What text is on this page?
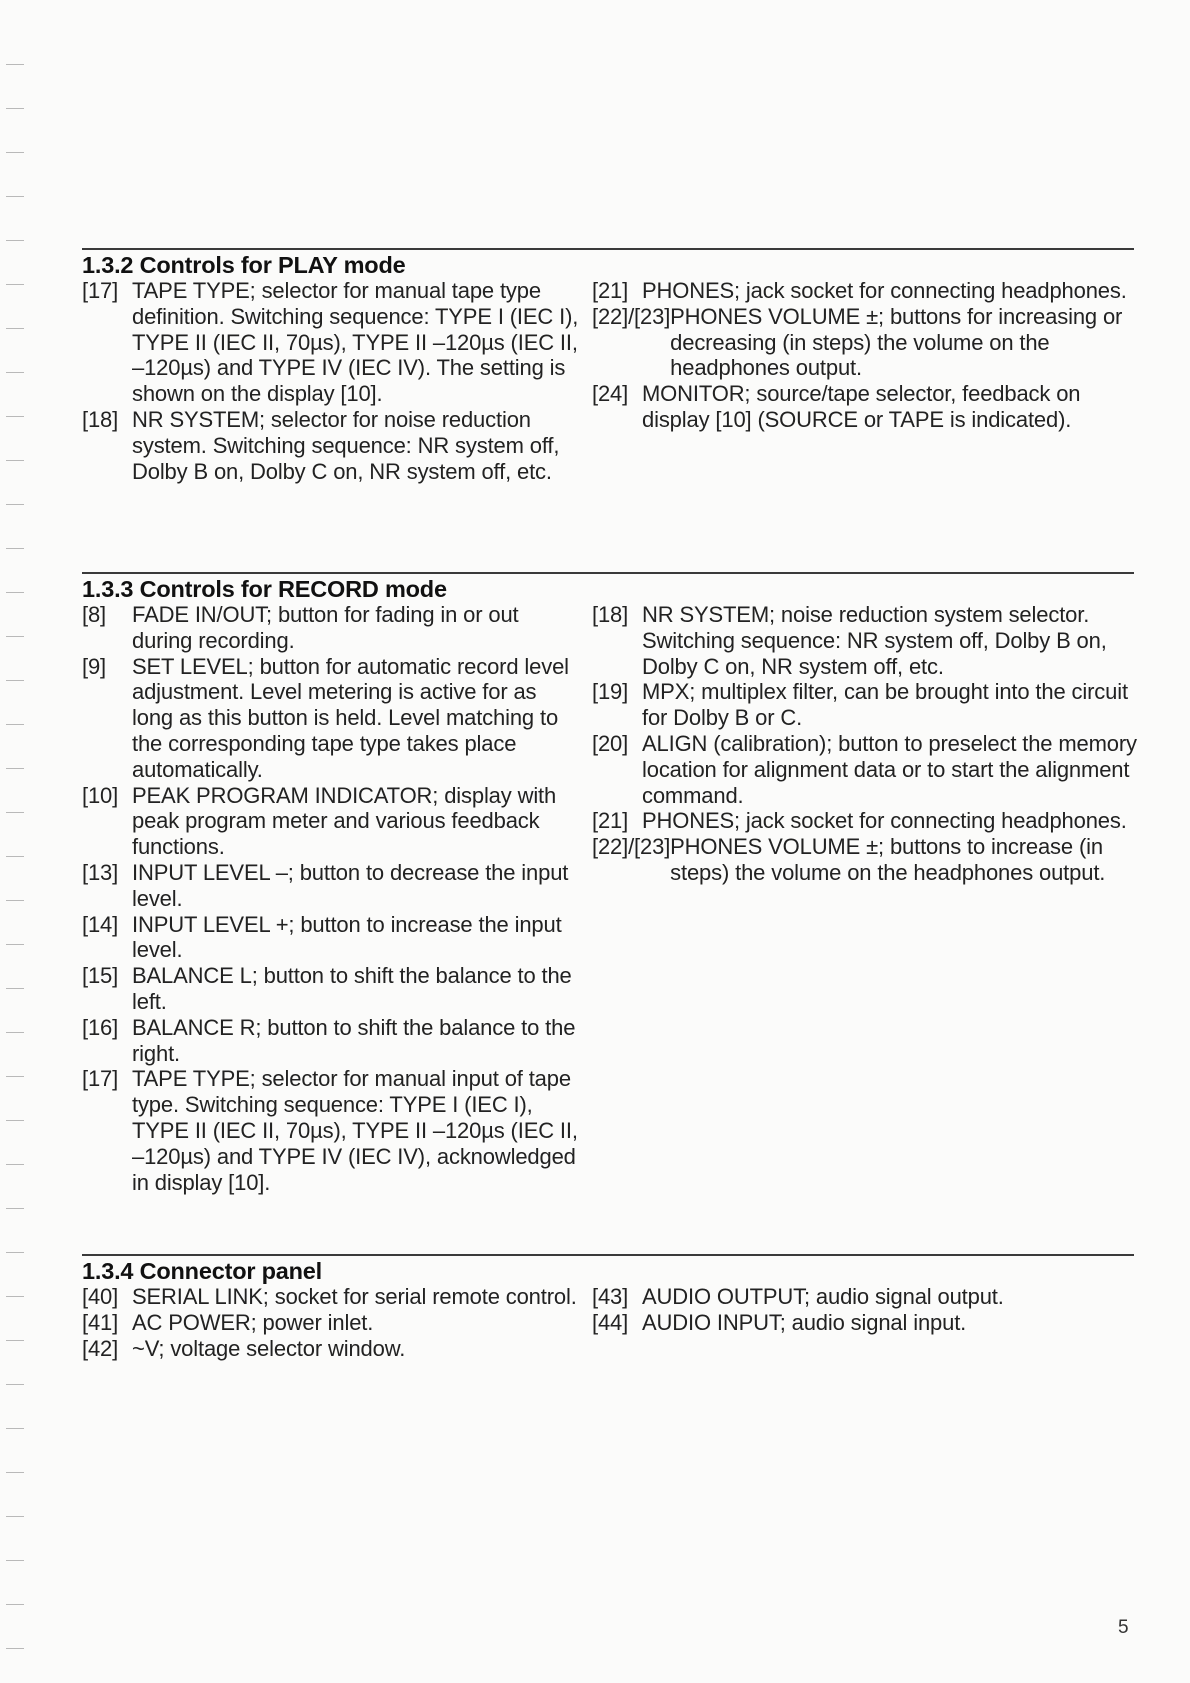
1.3.2 Controls for PLAY mode
[17] TAPE TYPE; selector for manual tape type definition. Switching sequence: TYPE I (IEC I), TYPE II (IEC II, 70µs), TYPE II –120µs (IEC II, –120µs) and TYPE IV (IEC IV). The setting is shown on the display [10].
[18] NR SYSTEM; selector for noise reduction system. Switching sequence: NR system off, Dolby B on, Dolby C on, NR system off, etc.
[21] PHONES; jack socket for connecting headphones.
[22]/[23] PHONES VOLUME ±; buttons for increasing or decreasing (in steps) the volume on the headphones output.
[24] MONITOR; source/tape selector, feedback on display [10] (SOURCE or TAPE is indicated).
1.3.3 Controls for RECORD mode
[8]	FADE IN/OUT; button for fading in or out during recording.
[9]	SET LEVEL; button for automatic record level adjustment. Level metering is active for as long as this button is held. Level matching to the corresponding tape type takes place automatically.
[10] PEAK PROGRAM INDICATOR; display with peak program meter and various feedback functions.
[13] INPUT LEVEL –; button to decrease the input level.
[14] INPUT LEVEL +; button to increase the input level.
[15] BALANCE L; button to shift the balance to the left.
[16] BALANCE R; button to shift the balance to the right.
[17] TAPE TYPE; selector for manual input of tape type. Switching sequence: TYPE I (IEC I), TYPE II (IEC II, 70µs), TYPE II –120µs (IEC II, –120µs) and TYPE IV (IEC IV), acknowledged in display [10].
[18] NR SYSTEM; noise reduction system selector. Switching sequence: NR system off, Dolby B on, Dolby C on, NR system off, etc.
[19] MPX; multiplex filter, can be brought into the circuit for Dolby B or C.
[20] ALIGN (calibration); button to preselect the memory location for alignment data or to start the alignment command.
[21] PHONES; jack socket for connecting headphones.
[22]/[23] PHONES VOLUME ±; buttons to increase (in steps) the volume on the headphones output.
1.3.4 Connector panel
[40] SERIAL LINK; socket for serial remote control.
[41] AC POWER; power inlet.
[42] ~V; voltage selector window.
[43] AUDIO OUTPUT; audio signal output.
[44] AUDIO INPUT; audio signal input.
5
